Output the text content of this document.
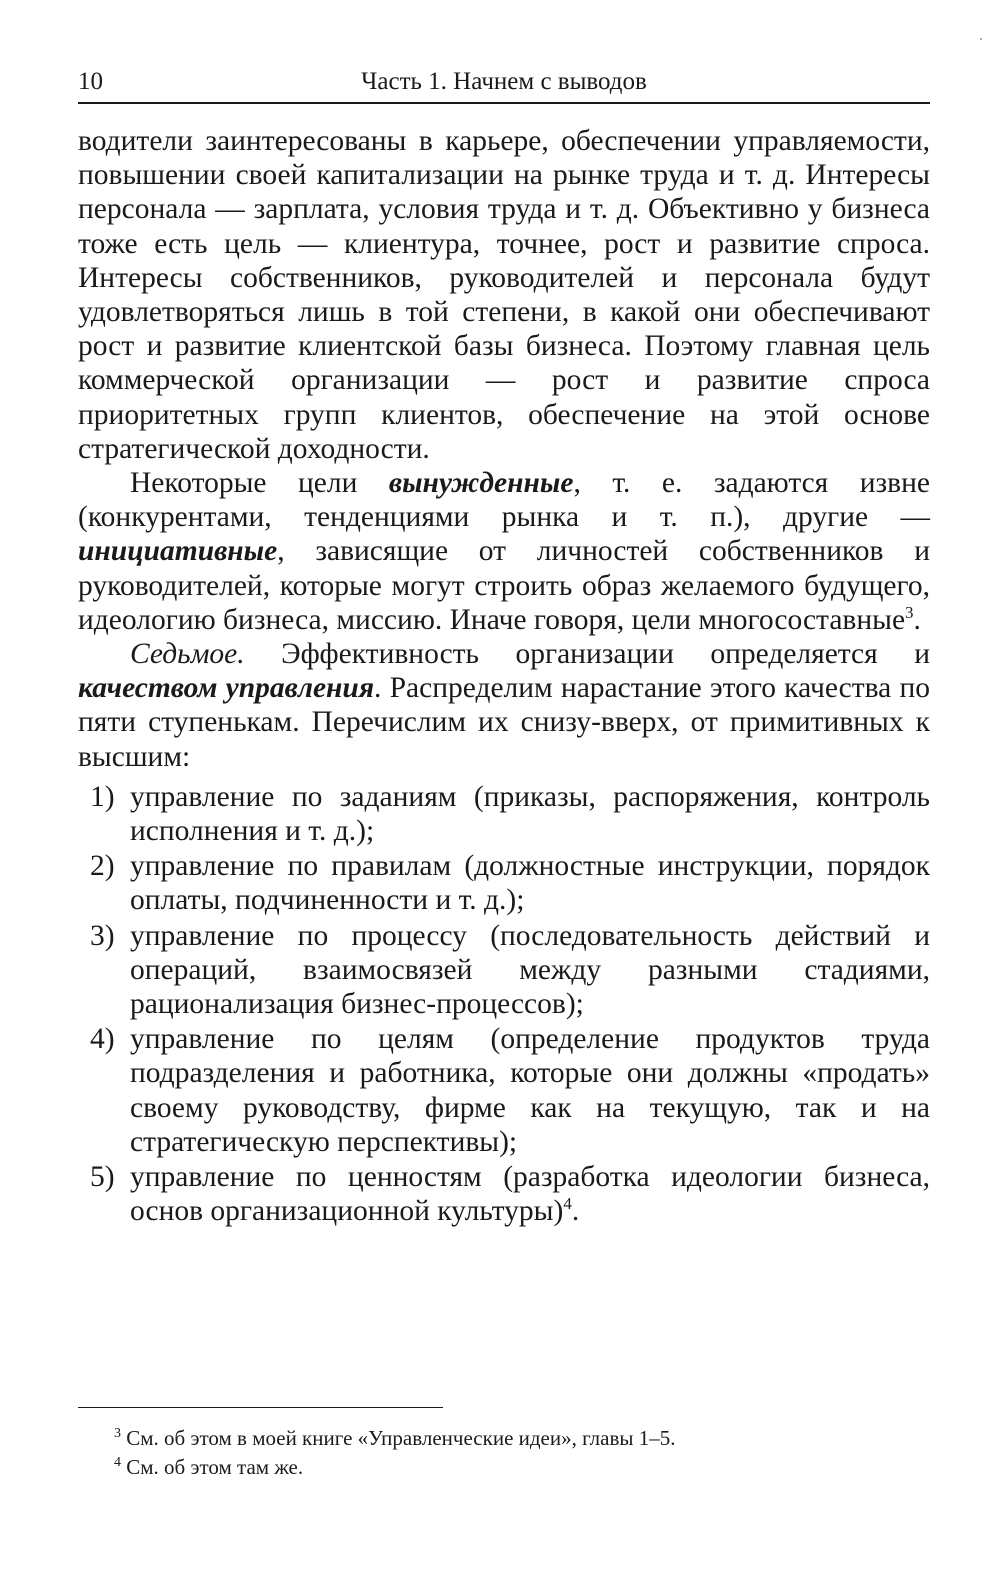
10	Часть 1. Начнем с выводов

водители заинтересованы в карьере, обеспечении управляемости, повышении своей капитализации на рынке труда и т. д. Интересы персонала — зарплата, условия труда и т. д. Объективно у бизнеса тоже есть цель — клиентура, точнее, рост и развитие спроса. Интересы собственников, руководителей и персонала будут удовлетворяться лишь в той степени, в какой они обеспечивают рост и развитие клиентской базы бизнеса. Поэтому главная цель коммерческой организации — рост и развитие спроса приоритетных групп клиентов, обеспечение на этой основе стратегической доходности.

Некоторые цели вынужденные, т. е. задаются извне (конкурентами, тенденциями рынка и т. п.), другие — инициативные, зависящие от личностей собственников и руководителей, которые могут строить образ желаемого будущего, идеологию бизнеса, миссию. Иначе говоря, цели многосоставные$^3$.

Седьмое. Эффективность организации определяется и качеством управления. Распределим нарастание этого качества по пяти ступенькам. Перечислим их снизу-вверх, от примитивных к высшим:

1) управление по заданиям (приказы, распоряжения, контроль исполнения и т. д.);
2) управление по правилам (должностные инструкции, порядок оплаты, подчиненности и т. д.);
3) управление по процессу (последовательность действий и операций, взаимосвязей между разными стадиями, рационализация бизнес-процессов);
4) управление по целям (определение продуктов труда подразделения и работника, которые они должны «продать» своему руководству, фирме как на текущую, так и на стратегическую перспективы);
5) управление по ценностям (разработка идеологии бизнеса, основ организационной культуры)$^4$.

$^3$ См. об этом в моей книге «Управленческие идеи», главы 1–5.

$^4$ См. об этом там же.
